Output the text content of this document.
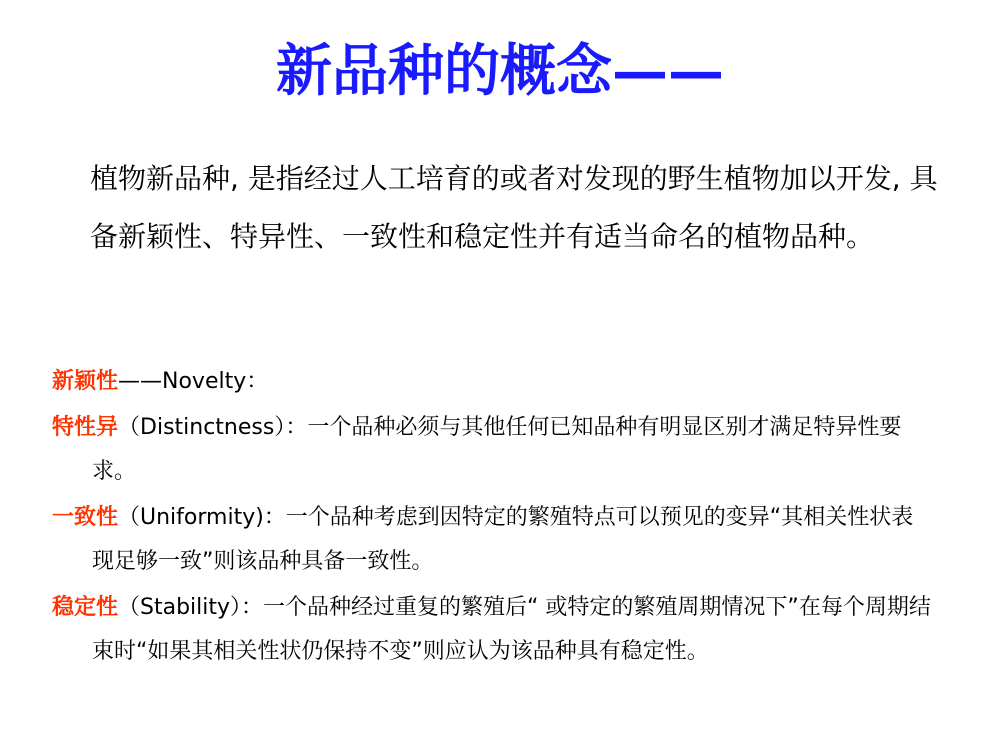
新品种的概念——
植物新品种, 是指经过人工培育的或者对发现的野生植物加以开发, 具备新颖性、特异性、一致性和稳定性并有适当命名的植物品种。
新颖性——Novelty：
特性异（Distinctness）：一个品种必须与其他任何已知品种有明显区别才满足特异性要求。
一致性（Uniformity)：一个品种考虑到因特定的繁殖特点可以预见的变异“其相关性状表现足够一致”则该品种具备一致性。
稳定性（Stability）：一个品种经过重复的繁殖后“ 或特定的繁殖周期情况下”在每个周期结束时“如果其相关性状仍保持不变”则应认为该品种具有稳定性。
